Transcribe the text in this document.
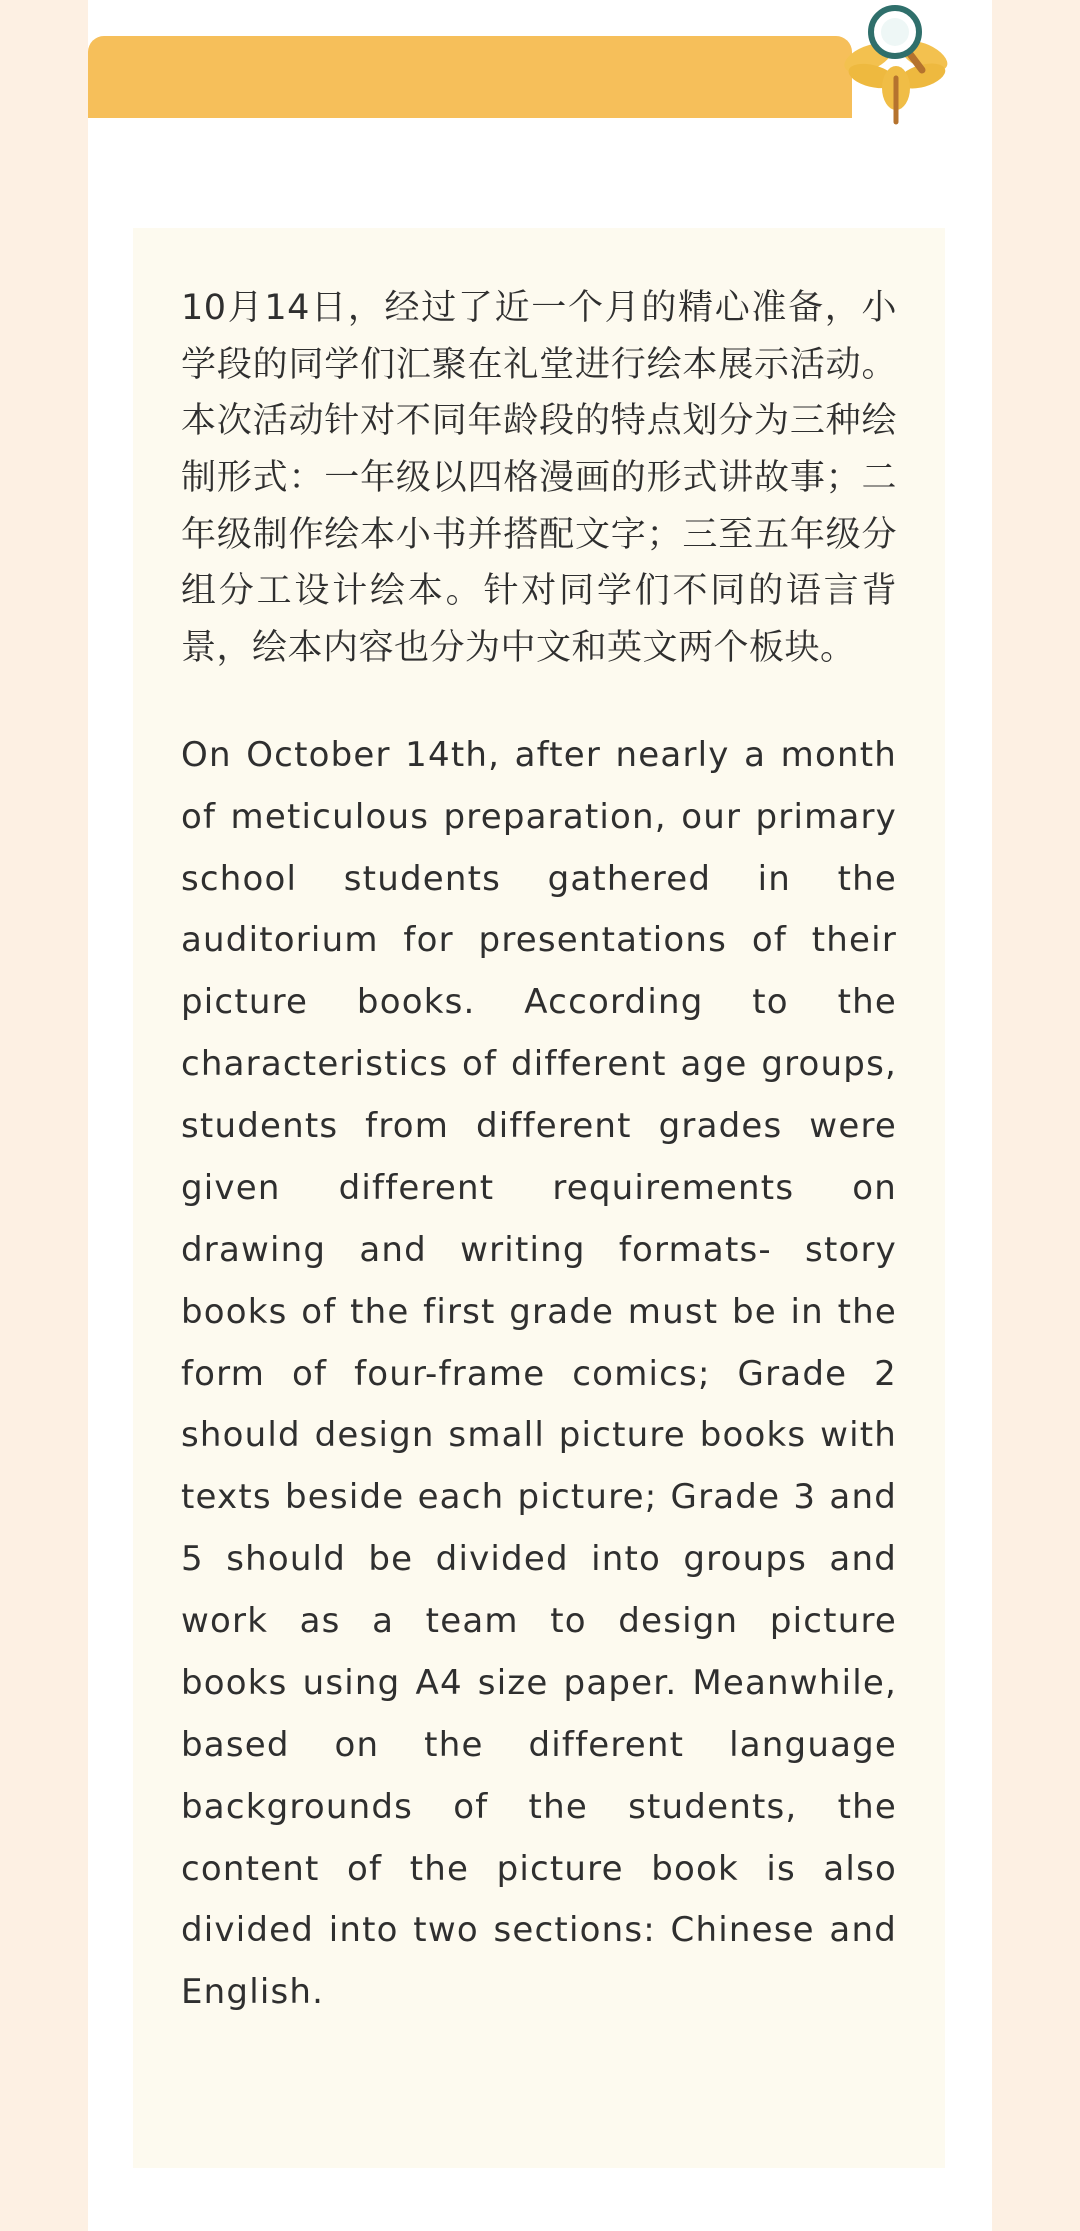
10月14日，经过了近一个月的精心准备，小学段的同学们汇聚在礼堂进行绘本展示活动。本次活动针对不同年龄段的特点划分为三种绘制形式：一年级以四格漫画的形式讲故事；二年级制作绘本小书并搭配文字；三至五年级分组分工设计绘本。针对同学们不同的语言背景，绘本内容也分为中文和英文两个板块。

On October 14th, after nearly a month of meticulous preparation, our primary school students gathered in the auditorium for presentations of their picture books. According to the characteristics of different age groups, students from different grades were given different requirements on drawing and writing formats- story books of the first grade must be in the form of four-frame comics; Grade 2 should design small picture books with texts beside each picture; Grade 3 and 5 should be divided into groups and work as a team to design picture books using A4 size paper. Meanwhile, based on the different language backgrounds of the students, the content of the picture book is also divided into two sections: Chinese and English.
